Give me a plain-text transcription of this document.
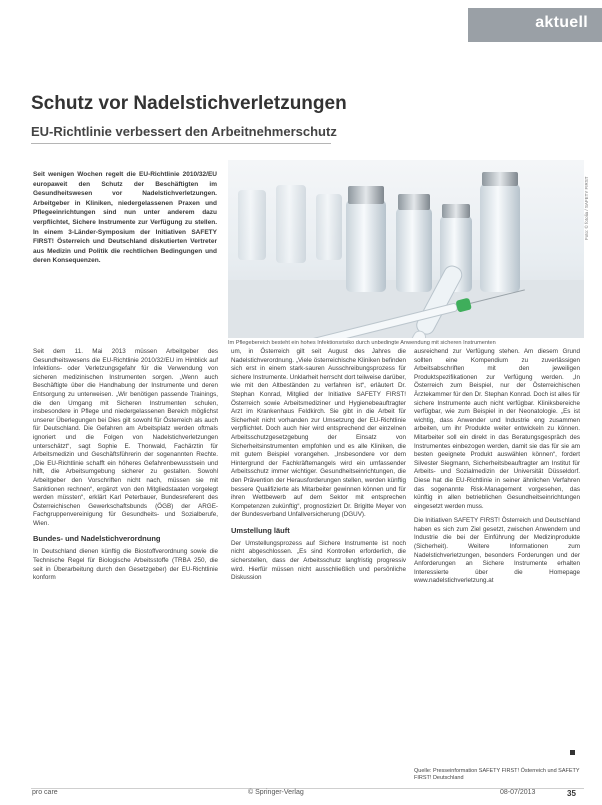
aktuell
Schutz vor Nadelstichverletzungen
EU-Richtlinie verbessert den Arbeitnehmerschutz

Seit wenigen Wochen regelt die EU-Richtlinie 2010/32/EU europaweit den Schutz der Beschäftigten im Gesundheitswesen vor Nadelstichverletzungen. Arbeitgeber in Kliniken, niedergelassenen Praxen und Pflegeeinrichtungen sind nun unter anderem dazu verpflichtet, Sichere Instrumente zur Verfügung zu stellen. In einem 3-Länder-Symposium der Initiativen SAFETY FIRST! Österreich und Deutschland diskutierten Vertreter aus Medizin und Politik die rechtlichen Bedingungen und deren Konsequenzen.

Im Pflegebereich besteht ein hohes Infektionsrisiko durch unbedingte Anwendung mit sicheren Instrumenten

Foto: © fotolia / SAFETY FIRST

Seit dem 11. Mai 2013 müssen Arbeitgeber des Gesundheitswesens die EU-Richtlinie 2010/32/EU im Hinblick auf Infektions- oder Verletzungsgefahr für die Verwendung von sicheren medizinischen Instrumenten sorgen. „Wenn auch Beschäftigte über die Handhabung der Instrumente und deren Entsorgung zu unterweisen. „Wir benötigen passende Trainings, die den Umgang mit Sicheren Instrumenten schulen, insbesondere in Pflege und niedergelassenen Bereich möglichst unserer Überlegungen bei Dies gilt sowohl für Österreich als auch für Deutschland. Die Gefahren am Arbeitsplatz werden oftmals ignoriert und die Folgen von Nadelstichverletzungen unterschätzt“, sagt Sophie E. Thonwald, Fachärztin für Arbeitsmedizin und Geschäftsführerin der sogenannten Rechte. „Die EU-Richtlinie schafft ein höheres Gefahrenbewusstsein und hilft, die Arbeitsumgebung sicherer zu gestalten. Sowohl Arbeitgeber den Vorschriften nicht nach, müssen sie mit Sanktionen rechnen“, ergänzt von den Mitgliedstaaten vorgelegt werden müssten“, erklärt Karl Peterbauer, Bundesreferent des Österreichischen Gewerkschaftsbunds (ÖGB) der ARGE-Fachgruppenvereinigung für Gesundheits- und Sozialberufe, Wien.

Bundes- und Nadelstichverordnung

In Deutschland dienen künftig die Biostoffverordnung sowie die Technische Regel für Biologische Arbeitsstoffe (TRBA 250, die seit in Überarbeitung durch den Gesetzgeber) der EU-Richtlinie konform

um, in Österreich gilt seit August des Jahres die Nadelstichverordnung. „Viele österreichische Kliniken befinden sich erst in einem stark-sauren Ausschreibungsprozess für sichere Instrumente. Unklarheit herrscht dort teilweise darüber, wie mit den Altbeständen zu verfahren ist“, erläutert Dr. Stephan Konrad, Mitglied der Initiative SAFETY FIRST! Österreich sowie Arbeitsmediziner und Hygienebeauftragter Arzt im Krankenhaus Feldkirch. Sie gibt in die Arbeit für Sicherheit nicht vorhanden zur Umsetzung der EU-Richtlinie verpflichtet. Doch auch hier wird entsprechend der einzelnen Arbeitsschutzgesetzgebung der Einsatz von Sicherheitsinstrumenten empfohlen und es alle Kliniken, die mit gutem Beispiel vorangehen. „Insbesondere vor dem Hintergrund der Fachkräftemangels wird ein umfassender Arbeitsschutz immer wichtiger. Gesundheitseinrichtungen, die den Prävention der Herausforderungen stellen, werden künftig bessere Qualifizierte als Mitarbeiter gewinnen können und für ihren Wettbewerb auf dem Sektor mit entsprechen Kompetenzen zukünftig“, prognostiziert Dr. Brigitte Meyer von der Bundesverband Unfallversicherung (DGUV).

Umstellung läuft

Der Umstellungsprozess auf Sichere Instrumente ist noch nicht abgeschlossen. „Es sind Kontrollen erforderlich, die sicherstellen, dass der Arbeitsschutz langfristig progressiv wird. Hierfür müssen nicht ausschließlich und persönliche Diskussion

ausreichend zur Verfügung stehen. Am diesem Grund sollten eine Kompendium zu zuverlässigen Arbeitsabschriften mit den jeweiligen Produktspezifikationen zur Verfügung werden. „In Österreich zum Beispiel, nur der Österreichischen Ärztekammer für den Dr. Stephan Konrad. Doch ist alles für sichere Instrumente auch nicht verfügbar. Kliniksbereiche verfügbar, wie zum Beispiel in der Neonatologie. „Es ist wichtig, dass Anwender und Industrie eng zusammen arbeiten, um ihr Produkte weiter entwickeln zu können. Mitarbeiter soll ein direkt in das Beratungsgespräch des Instrumentes einbezogen werden, damit sie das für sie am besten geeignete Produkt auswählen können“, fordert Silvester Siegmann, Sicherheitsbeauftragter am Institut für Arbeits- und Sozialmedizin der Universität Düsseldorf. Diese hat die EU-Richtlinie in seiner ähnlichen Verfahren das sogenannte Risk-Management vorgesehen, das künftig in allen betrieblichen Gesundheitseinrichtungen eingesetzt werden muss.

Die Initiativen SAFETY FIRST! Österreich und Deutschland haben es sich zum Ziel gesetzt, zwischen Anwendern und Industrie die bei der Einführung der Medizinprodukte (Sicherheit). Weitere Informationen zum Nadelstichverletzungen, besonders Forderungen und der Anforderungen an Sichere Instrumente erhalten Interessierte über die Homepage www.nadelstichverletzung.at

Quelle: Presseinformation SAFETY FIRST! Österreich und SAFETY FIRST! Deutschland

pro care	© Springer-Verlag	08-07/2013	35
